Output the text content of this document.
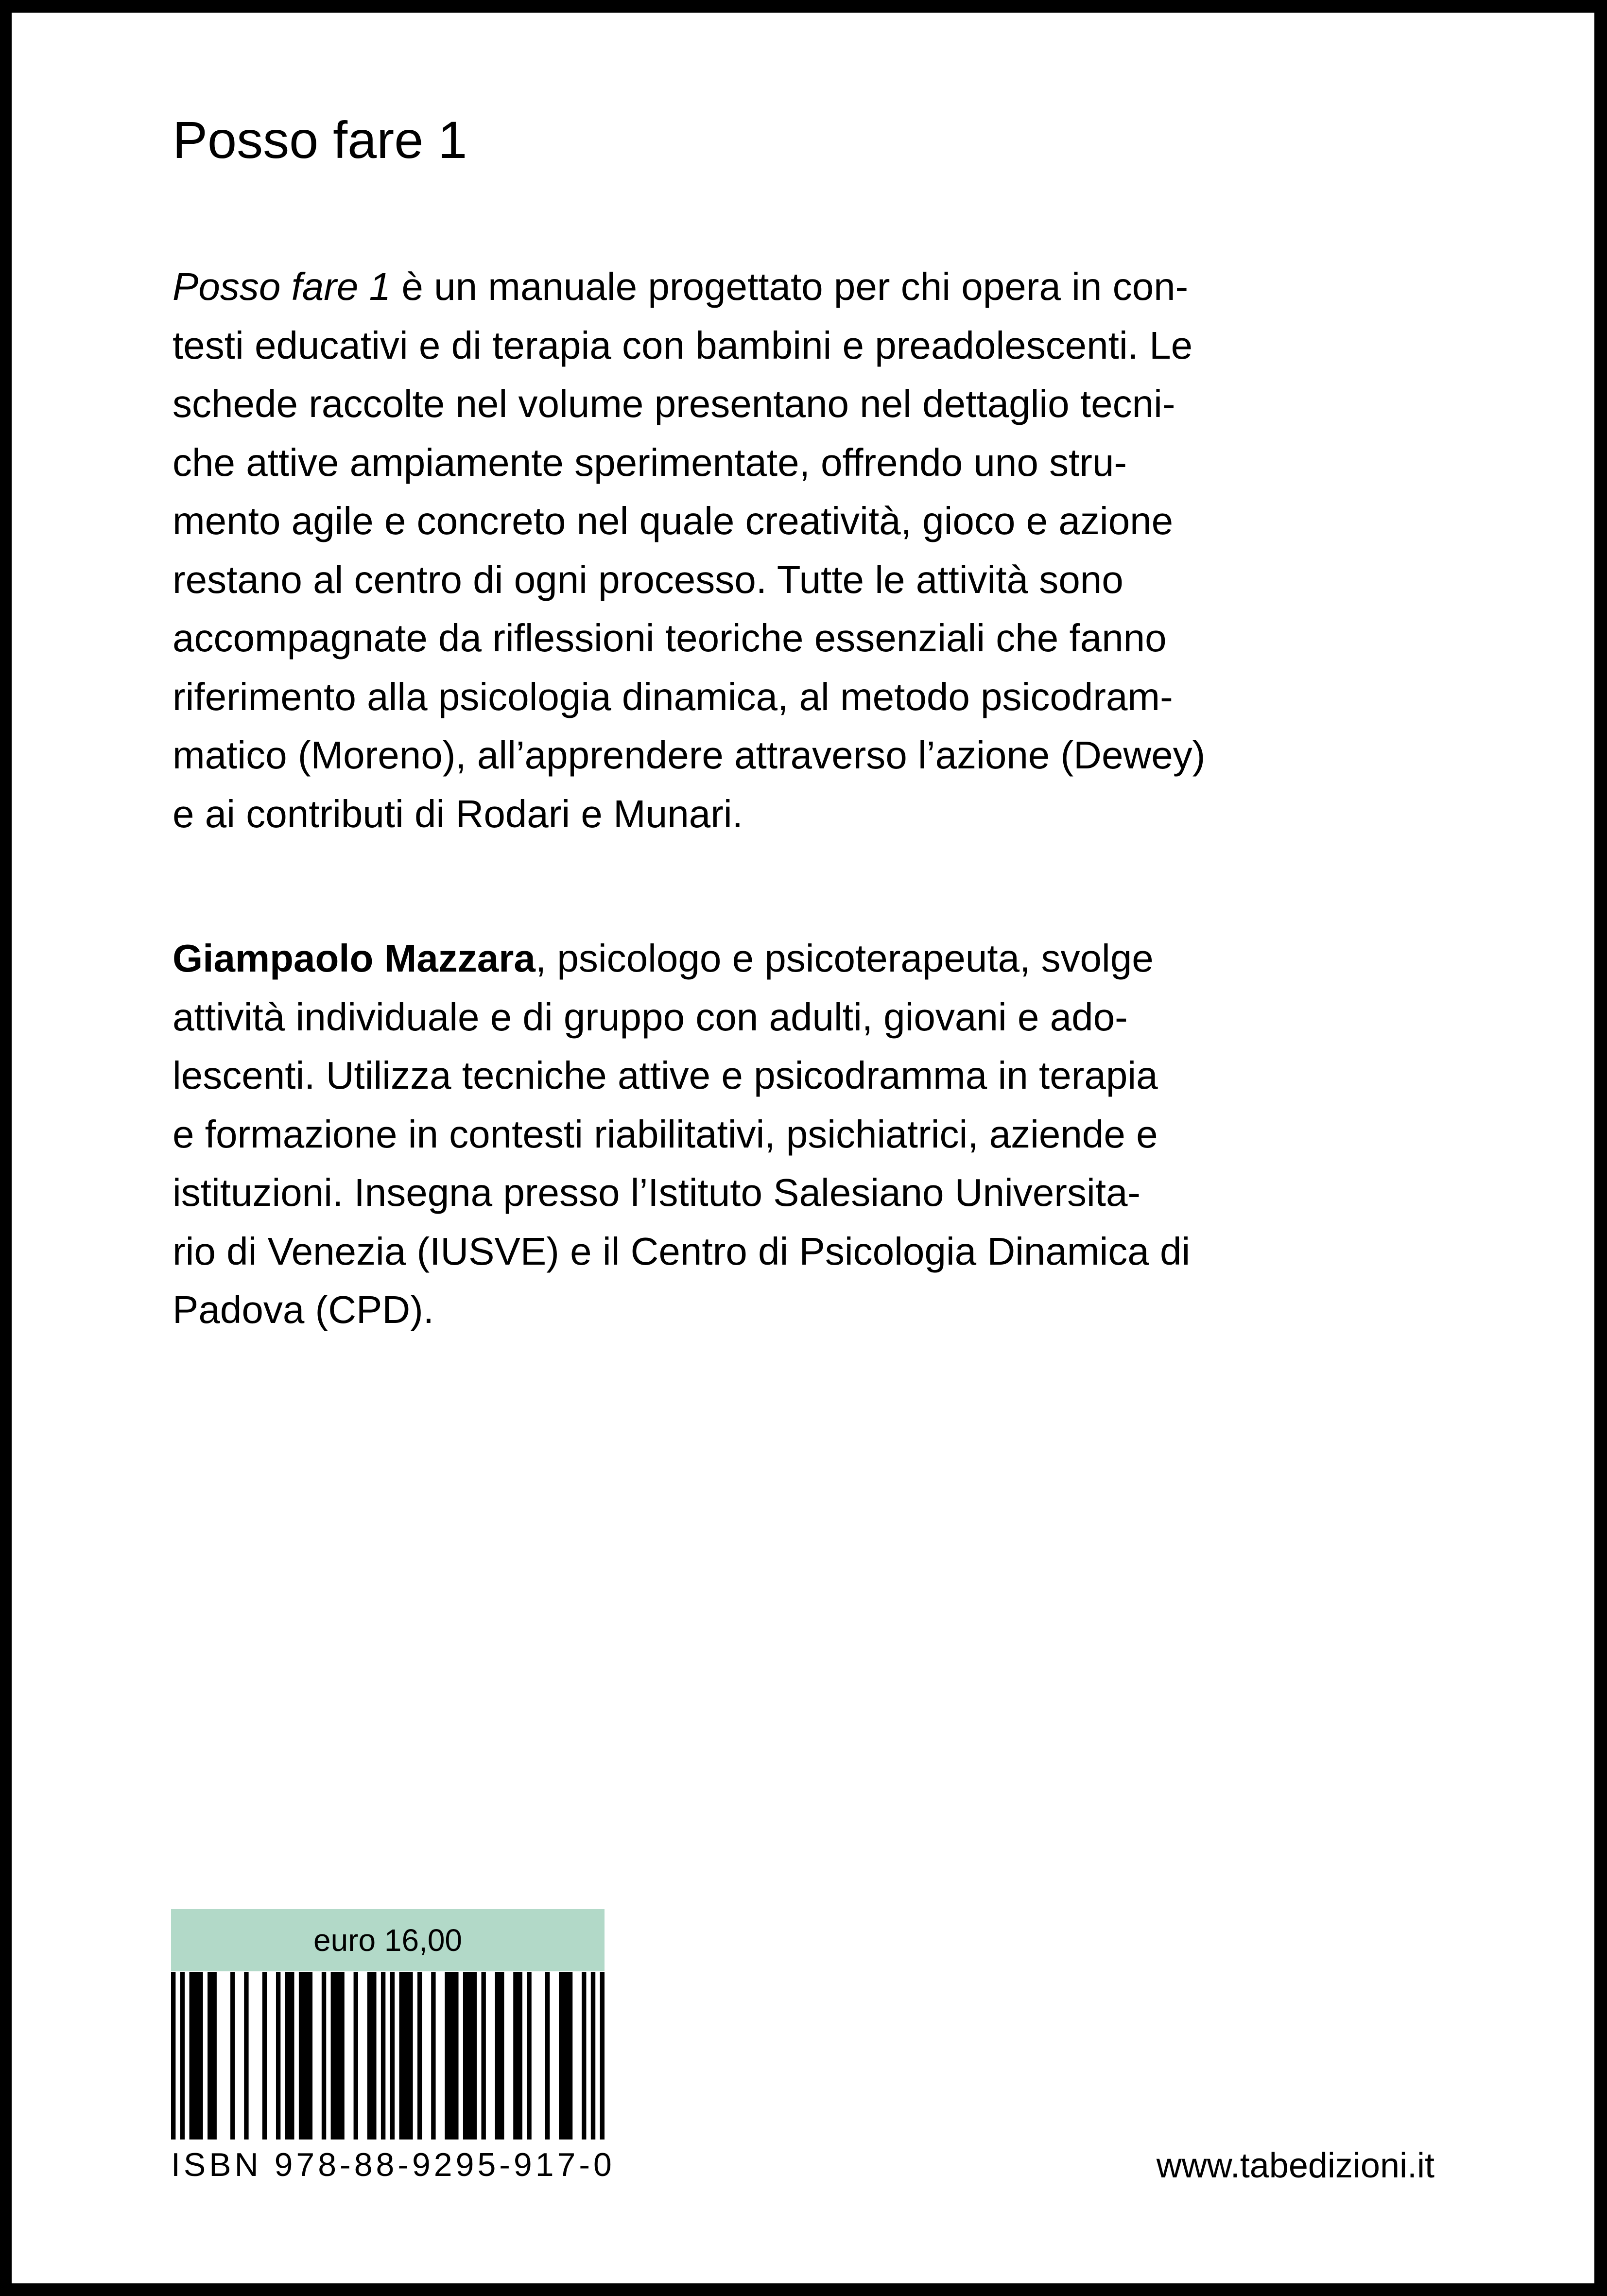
Posso fare 1
Posso fare 1 è un manuale progettato per chi opera in con-
testi educativi e di terapia con bambini e preadolescenti. Le
schede raccolte nel volume presentano nel dettaglio tecni-
che attive ampiamente sperimentate, offrendo uno stru-
mento agile e concreto nel quale creatività, gioco e azione
restano al centro di ogni processo. Tutte le attività sono
accompagnate da riflessioni teoriche essenziali che fanno
riferimento alla psicologia dinamica, al metodo psicodram-
matico (Moreno), all’apprendere attraverso l’azione (Dewey)
e ai contributi di Rodari e Munari.
Giampaolo Mazzara, psicologo e psicoterapeuta, svolge
attività individuale e di gruppo con adulti, giovani e ado-
lescenti. Utilizza tecniche attive e psicodramma in terapia
e formazione in contesti riabilitativi, psichiatrici, aziende e
istituzioni. Insegna presso l’Istituto Salesiano Universita-
rio di Venezia (IUSVE) e il Centro di Psicologia Dinamica di
Padova (CPD).
euro 16,00
ISBN 978-88-9295-917-0	www.tabedizioni.it
